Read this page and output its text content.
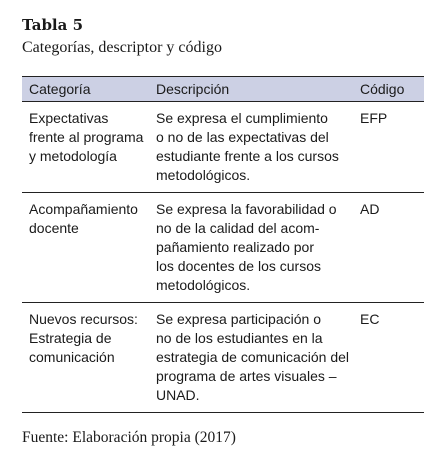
Tabla 5
Categorías, descriptor y código
Categoría	Descripción	Código
Expectativas
frente al programa
y metodología
Se expresa el cumplimiento
o no de las expectativas del
estudiante frente a los cursos
metodológicos.
EFP
Acompañamiento
docente
Se expresa la favorabilidad o
no de la calidad del acom-
pañamiento realizado por
los docentes de los cursos
metodológicos.
AD
Nuevos recursos:
Estrategia de
comunicación
Se expresa participación o
no de los estudiantes en la
estrategia de comunicación del
programa de artes visuales –
UNAD.
EC
Fuente: Elaboración propia (2017)
